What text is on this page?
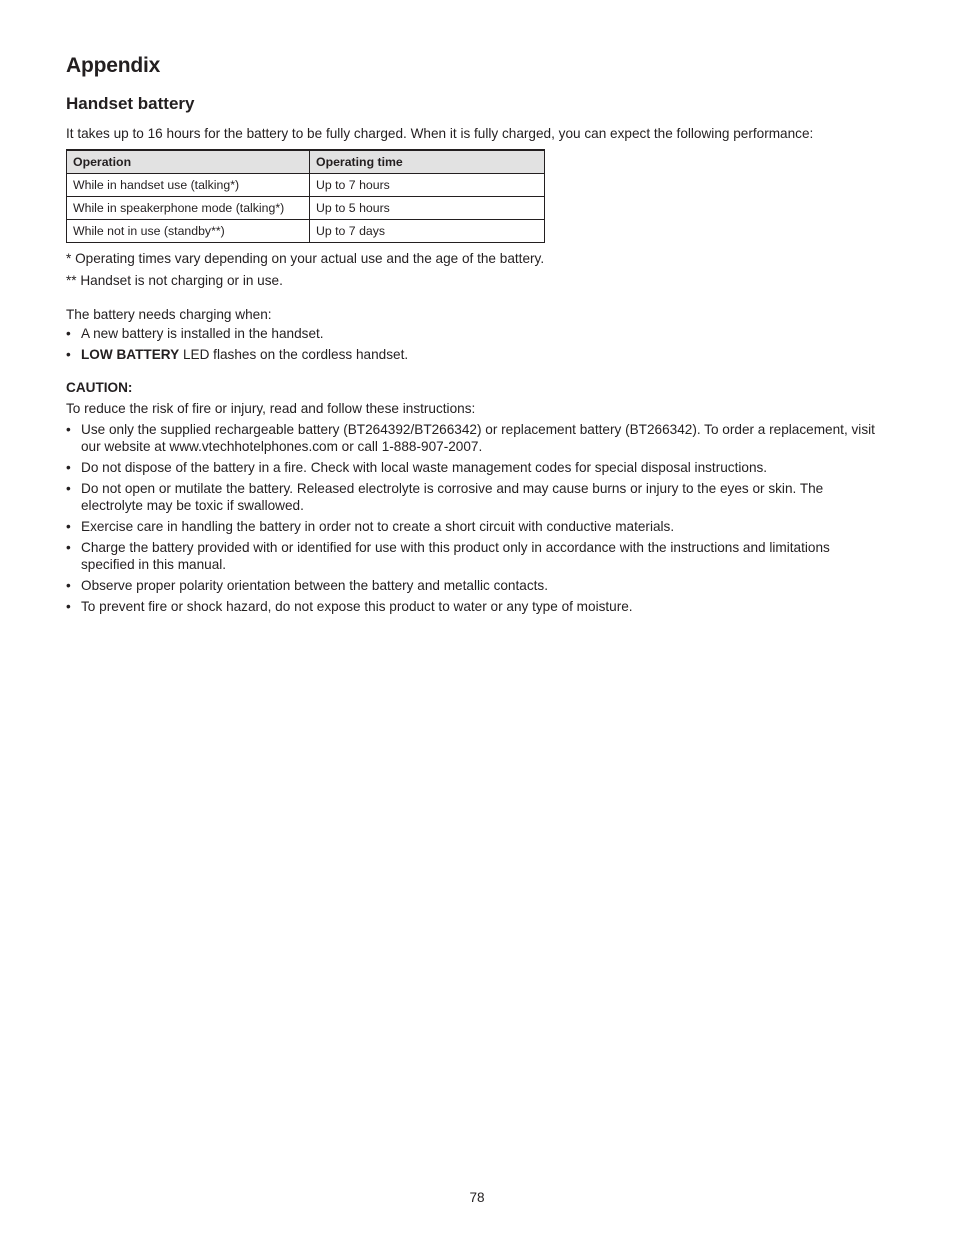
Appendix
Handset battery

It takes up to 16 hours for the battery to be fully charged. When it is fully charged, you can expect the following performance:

Operation	Operating time
While in handset use (talking*)	Up to 7 hours
While in speakerphone mode (talking*)	Up to 5 hours
While not in use (standby**)	Up to 7 days

* Operating times vary depending on your actual use and the age of the battery.

** Handset is not charging or in use.

The battery needs charging when:

• A new battery is installed in the handset.
• LOW BATTERY LED flashes on the cordless handset.

CAUTION:

To reduce the risk of fire or injury, read and follow these instructions:

• Use only the supplied rechargeable battery (BT264392/BT266342) or replacement battery (BT266342). To order a replacement, visit our website at www.vtechhotelphones.com or call 1-888-907-2007.
• Do not dispose of the battery in a fire. Check with local waste management codes for special disposal instructions.
• Do not open or mutilate the battery. Released electrolyte is corrosive and may cause burns or injury to the eyes or skin. The electrolyte may be toxic if swallowed.
• Exercise care in handling the battery in order not to create a short circuit with conductive materials.
• Charge the battery provided with or identified for use with this product only in accordance with the instructions and limitations specified in this manual.
• Observe proper polarity orientation between the battery and metallic contacts.
• To prevent fire or shock hazard, do not expose this product to water or any type of moisture.
78
